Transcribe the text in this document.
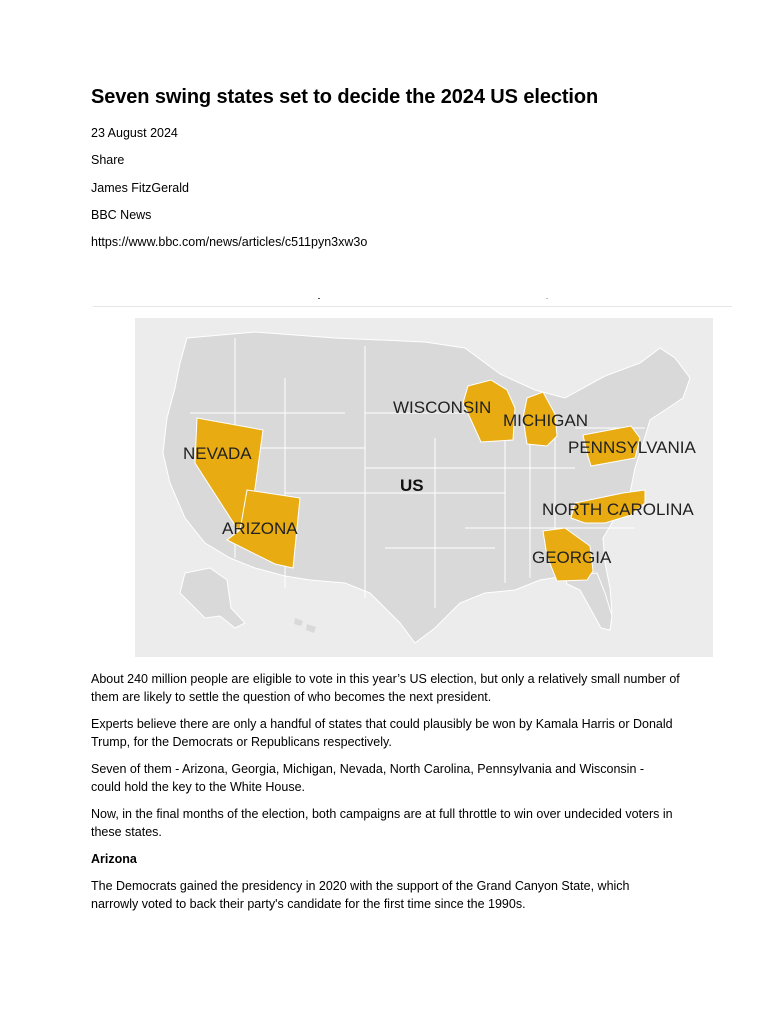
Seven swing states set to decide the 2024 US election

23 August 2024

Share

James FitzGerald

BBC News

https://www.bbc.com/news/articles/c511pyn3xw3o

NEVADA
ARIZONA
WISCONSIN
MICHIGAN
PENNSYLVANIA
NORTH CAROLINA
GEORGIA
US

About 240 million people are eligible to vote in this year’s US election, but only a relatively small number of them are likely to settle the question of who becomes the next president.

Experts believe there are only a handful of states that could plausibly be won by Kamala Harris or Donald Trump, for the Democrats or Republicans respectively.

Seven of them - Arizona, Georgia, Michigan, Nevada, North Carolina, Pennsylvania and Wisconsin - could hold the key to the White House.

Now, in the final months of the election, both campaigns are at full throttle to win over undecided voters in these states.

Arizona

The Democrats gained the presidency in 2020 with the support of the Grand Canyon State, which narrowly voted to back their party's candidate for the first time since the 1990s.
